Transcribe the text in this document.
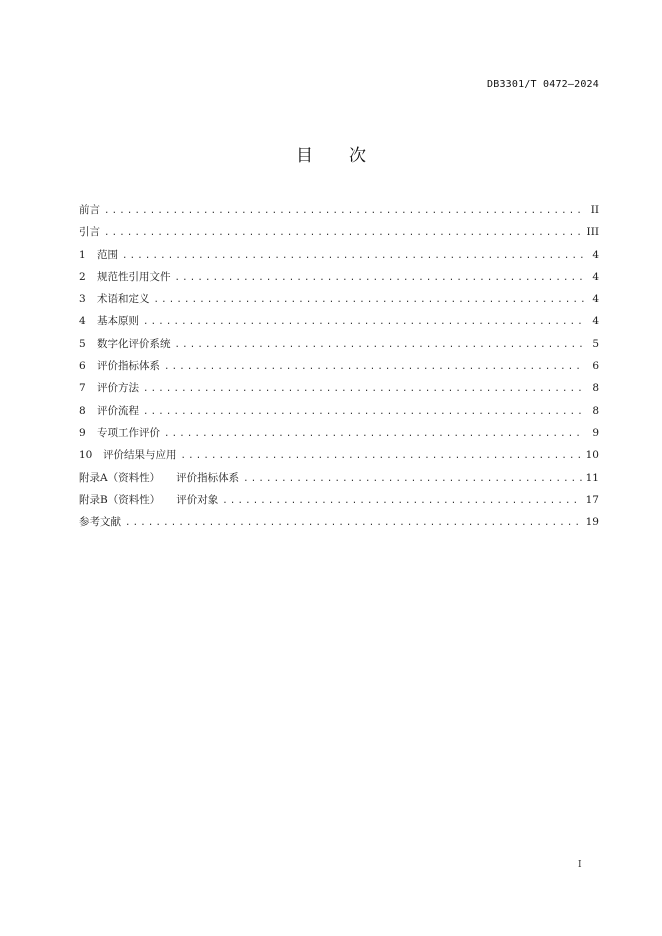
DB3301/T 0472—2024
目次
前言 .....	II
引言 .....	III
1	范围 .....	4
2	规范性引用文件 .....	4
3	术语和定义 .....	4
4	基本原则 .....	4
5	数字化评价系统 .....	5
6	评价指标体系 .....	6
7	评价方法 .....	8
8	评价流程 .....	8
9	专项工作评价 .....	9
10	评价结果与应用 .....	10
附录A（资料性） 评价指标体系 .....	11
附录B（资料性） 评价对象 .....	17
参考文献 .....	19
I
